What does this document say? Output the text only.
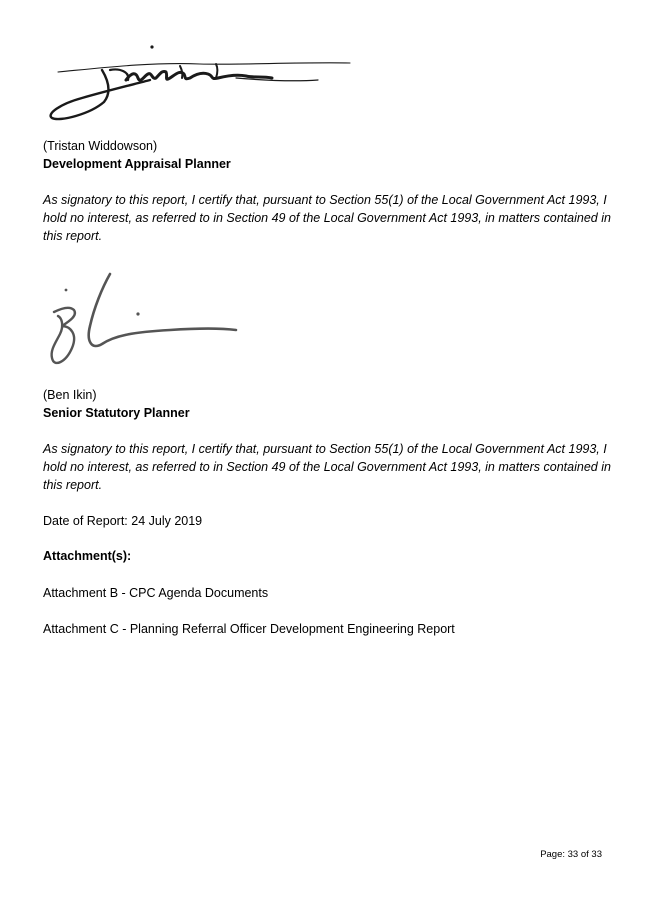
(Tristan Widdowson)
Development Appraisal Planner
As signatory to this report, I certify that, pursuant to Section 55(1) of the Local Government Act 1993, I hold no interest, as referred to in Section 49 of the Local Government Act 1993, in matters contained in this report.
(Ben Ikin)
Senior Statutory Planner
As signatory to this report, I certify that, pursuant to Section 55(1) of the Local Government Act 1993, I hold no interest, as referred to in Section 49 of the Local Government Act 1993, in matters contained in this report.
Date of Report: 24 July 2019
Attachment(s):
Attachment B - CPC Agenda Documents
Attachment C - Planning Referral Officer Development Engineering Report
Page: 33 of 33
